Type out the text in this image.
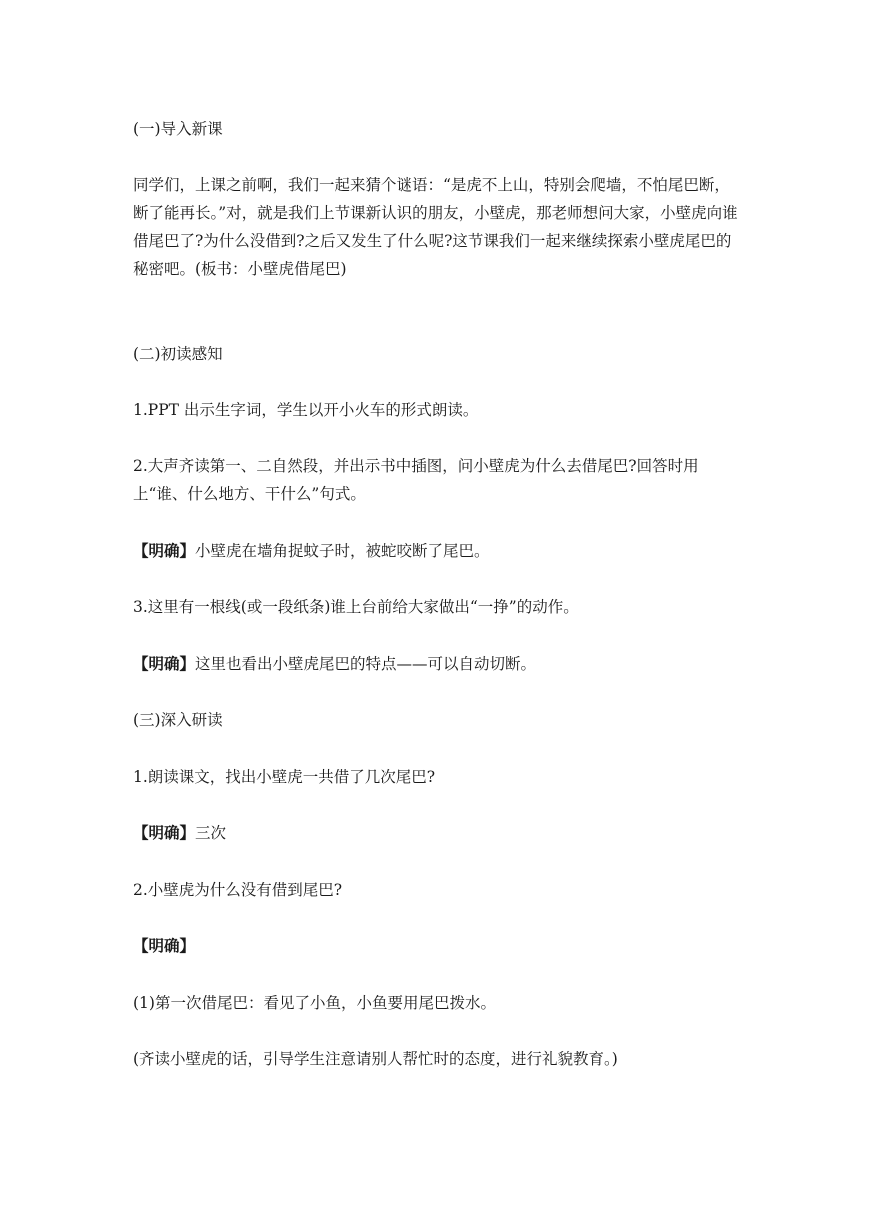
(一)导入新课

同学们，上课之前啊，我们一起来猜个谜语：“是虎不上山，特别会爬墙，不怕尾巴断，断了能再长。”对，就是我们上节课新认识的朋友，小壁虎，那老师想问大家，小壁虎向谁借尾巴了?为什么没借到?之后又发生了什么呢?这节课我们一起来继续探索小壁虎尾巴的秘密吧。(板书：小壁虎借尾巴)

(二)初读感知

1.PPT 出示生字词，学生以开小火车的形式朗读。

2.大声齐读第一、二自然段，并出示书中插图，问小壁虎为什么去借尾巴?回答时用上“谁、什么地方、干什么”句式。

【明确】小壁虎在墙角捉蚊子时，被蛇咬断了尾巴。

3.这里有一根线(或一段纸条)谁上台前给大家做出“一挣”的动作。

【明确】这里也看出小壁虎尾巴的特点——可以自动切断。

(三)深入研读

1.朗读课文，找出小壁虎一共借了几次尾巴?

【明确】三次

2.小壁虎为什么没有借到尾巴?

【明确】

(1)第一次借尾巴：看见了小鱼，小鱼要用尾巴拨水。

(齐读小壁虎的话，引导学生注意请别人帮忙时的态度，进行礼貌教育。)
